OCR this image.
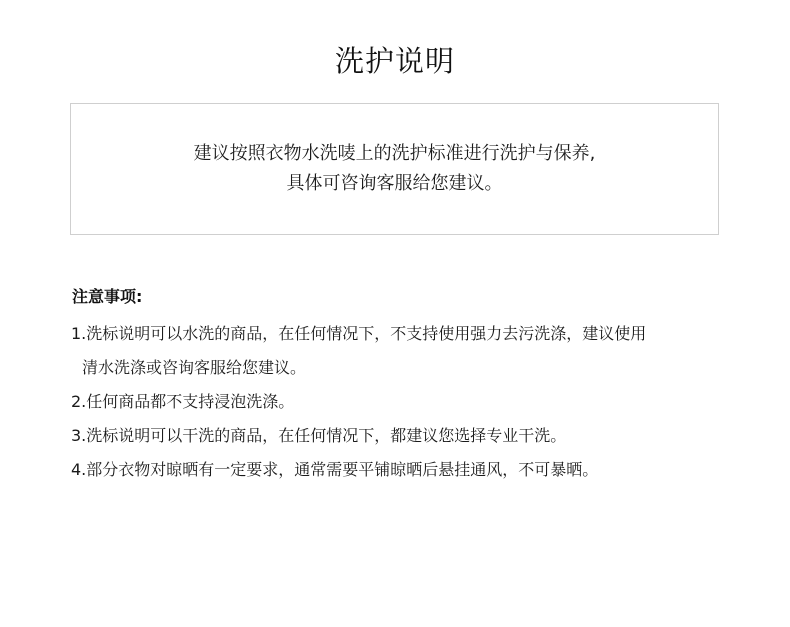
洗护说明
建议按照衣物水洗唛上的洗护标准进行洗护与保养,
具体可咨询客服给您建议。
注意事项:
1.洗标说明可以水洗的商品，在任何情况下，不支持使用强力去污洗涤，建议使用
清水洗涤或咨询客服给您建议。
2.任何商品都不支持浸泡洗涤。
3.洗标说明可以干洗的商品，在任何情况下，都建议您选择专业干洗。
4.部分衣物对晾晒有一定要求，通常需要平铺晾晒后悬挂通风，不可暴晒。
